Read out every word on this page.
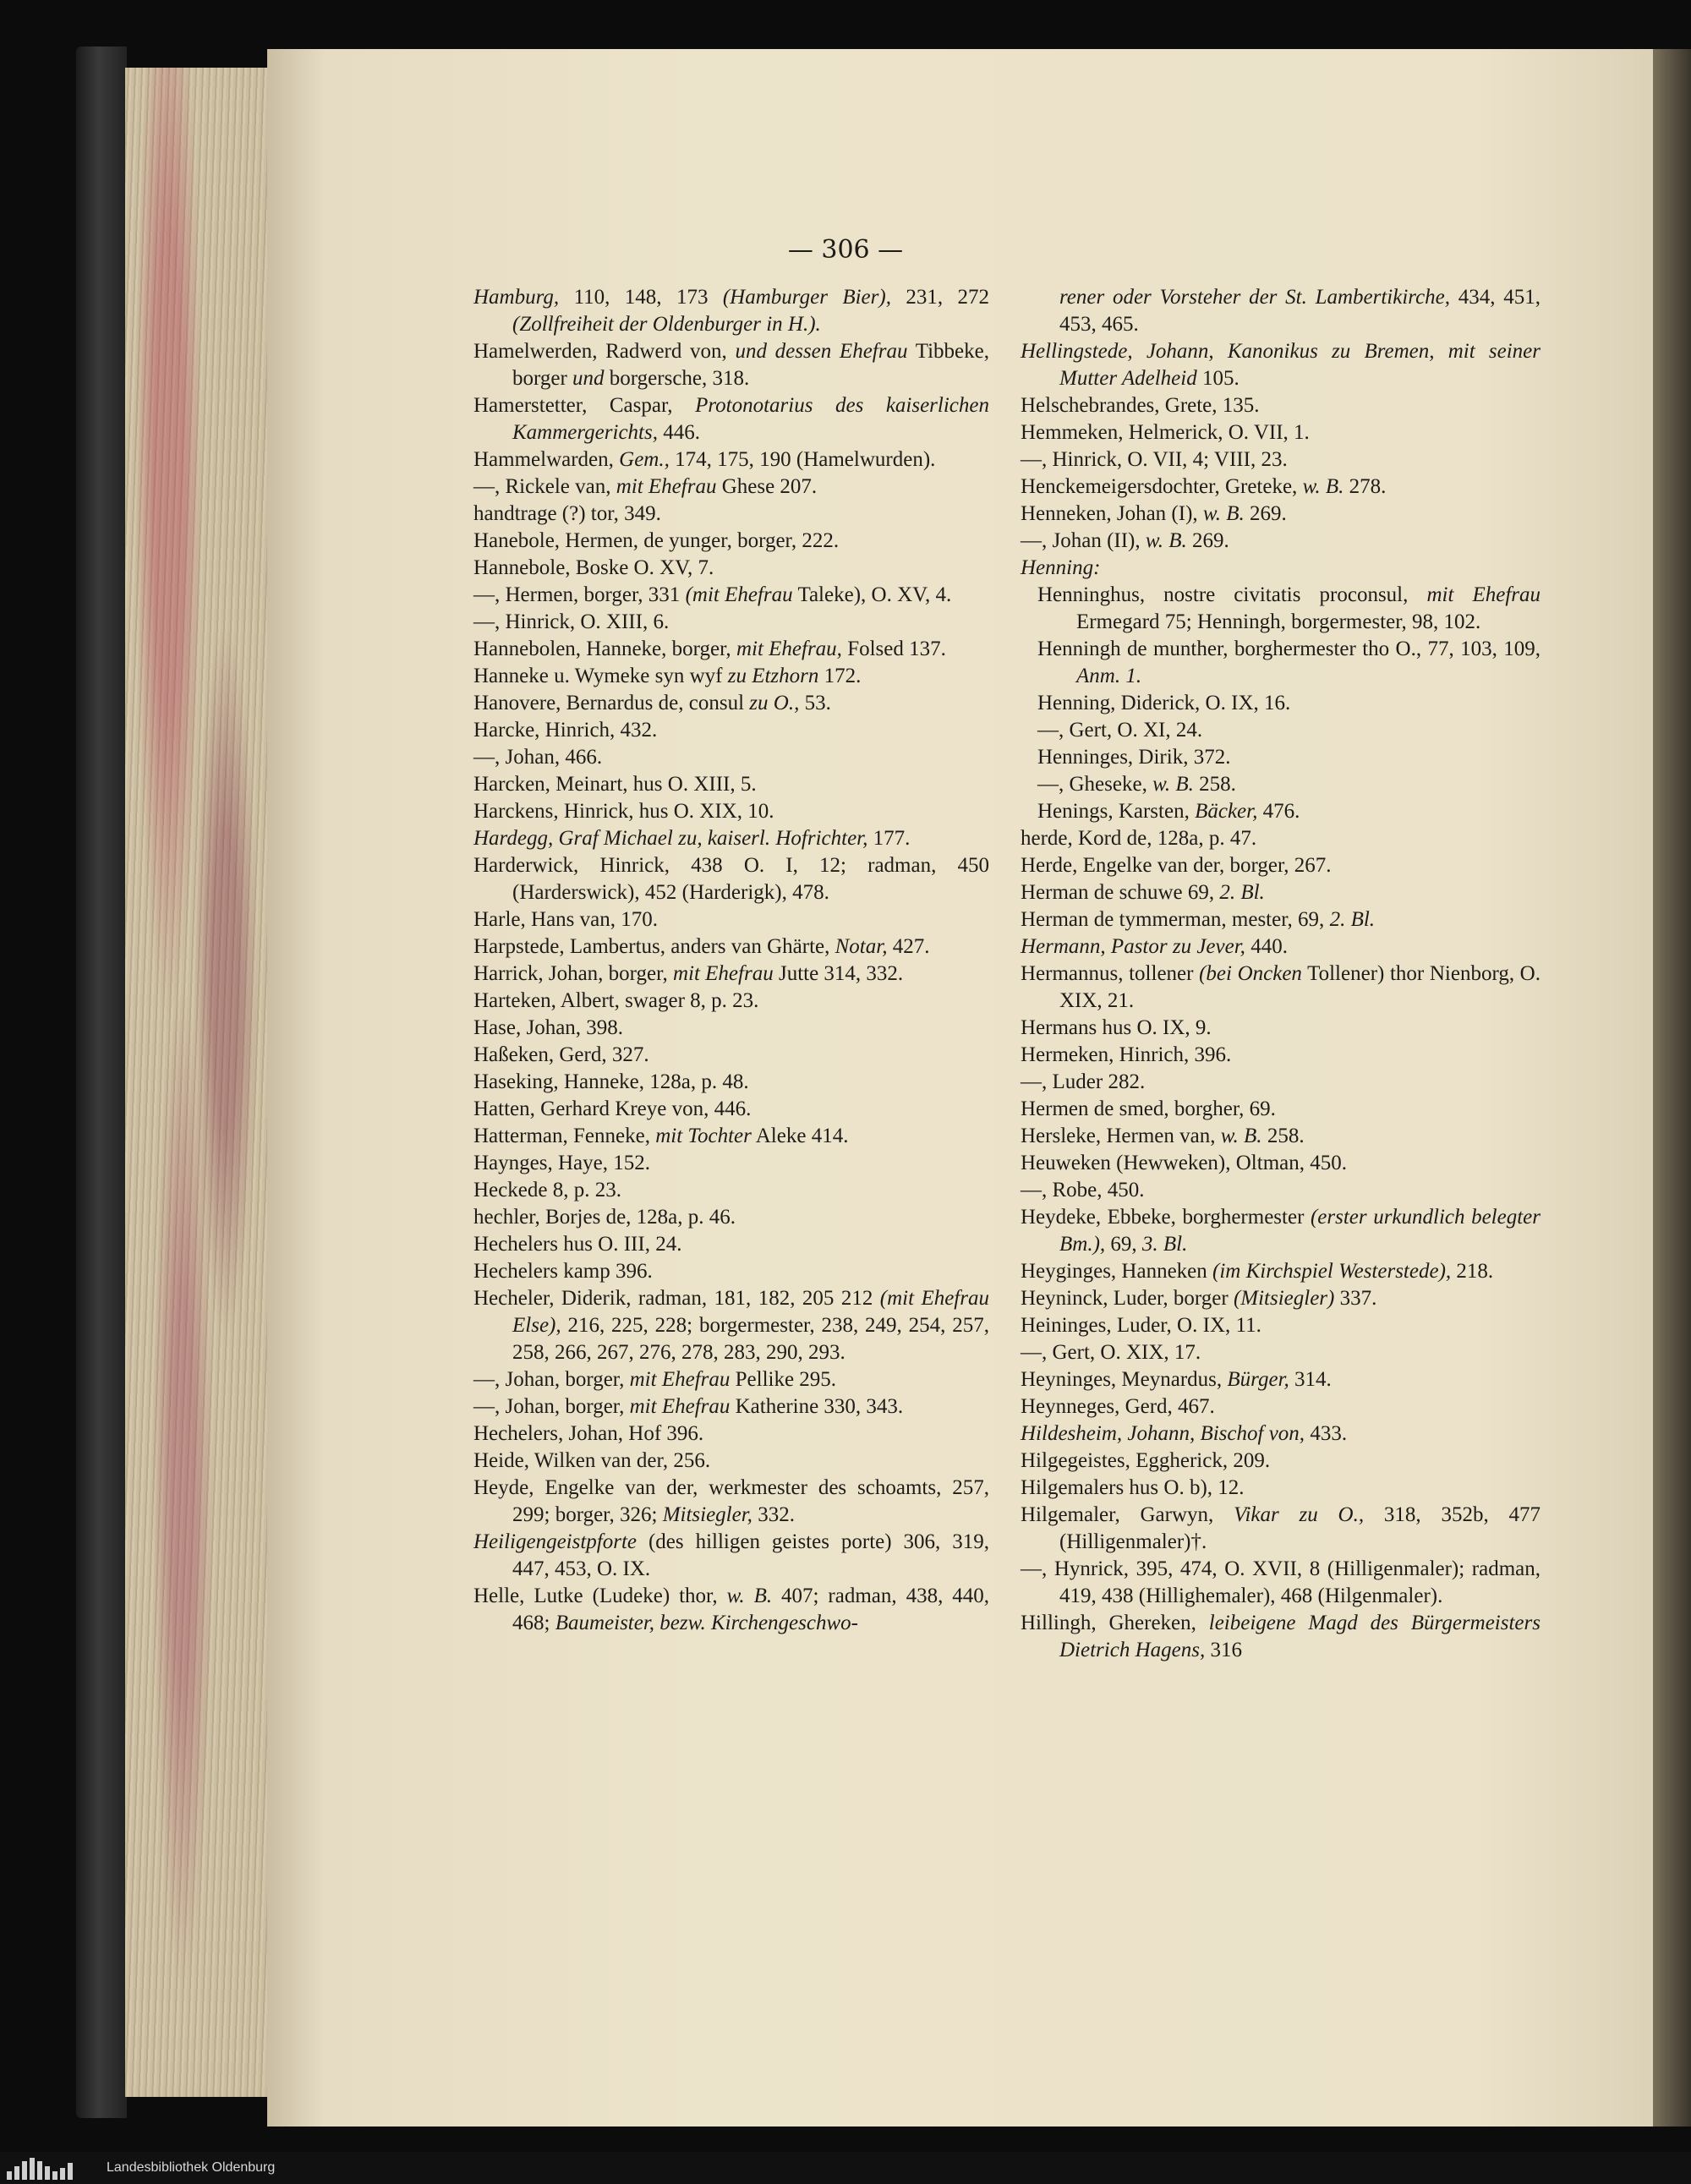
— 306 —

Hamburg, 110, 148, 173 (Hamburger Bier), 231, 272 (Zollfreiheit der Oldenburger in H.).

Hamelwerden, Radwerd von, und dessen Ehefrau Tibbeke, borger und borgersche, 318.

Hamerstetter, Caspar, Protonotarius des kaiserlichen Kammergerichts, 446.

Hammelwarden, Gem., 174, 175, 190 (Hamelwurden).

—, Rickele van, mit Ehefrau Ghese 207.

handtrage (?) tor, 349.

Hanebole, Hermen, de yunger, borger, 222.

Hannebole, Boske O. XV, 7.

—, Hermen, borger, 331 (mit Ehefrau Taleke), O. XV, 4.

—, Hinrick, O. XIII, 6.

Hannebolen, Hanneke, borger, mit Ehefrau, Folsed 137.

Hanneke u. Wymeke syn wyf zu Etzhorn 172.

Hanovere, Bernardus de, consul zu O., 53.

Harcke, Hinrich, 432.

—, Johan, 466.

Harcken, Meinart, hus O. XIII, 5.

Harckens, Hinrick, hus O. XIX, 10.

Hardegg, Graf Michael zu, kaiserl. Hofrichter, 177.

Harderwick, Hinrick, 438 O. I, 12; radman, 450 (Harderswick), 452 (Harderigk), 478.

Harle, Hans van, 170.

Harpstede, Lambertus, anders van Ghärte, Notar, 427.

Harrick, Johan, borger, mit Ehefrau Jutte 314, 332.

Harteken, Albert, swager 8, p. 23.

Hase, Johan, 398.

Haßeken, Gerd, 327.

Haseking, Hanneke, 128a, p. 48.

Hatten, Gerhard Kreye von, 446.

Hatterman, Fenneke, mit Tochter Aleke 414.

Haynges, Haye, 152.

Heckede 8, p. 23.

hechler, Borjes de, 128a, p. 46.

Hechelers hus O. III, 24.

Hechelers kamp 396.

Hecheler, Diderik, radman, 181, 182, 205 212 (mit Ehefrau Else), 216, 225, 228; borgermester, 238, 249, 254, 257, 258, 266, 267, 276, 278, 283, 290, 293.

—, Johan, borger, mit Ehefrau Pellike 295.

—, Johan, borger, mit Ehefrau Katherine 330, 343.

Hechelers, Johan, Hof 396.

Heide, Wilken van der, 256.

Heyde, Engelke van der, werkmester des schoamts, 257, 299; borger, 326; Mitsiegler, 332.

Heiligengeistpforte (des hilligen geistes porte) 306, 319, 447, 453, O. IX.

Helle, Lutke (Ludeke) thor, w. B. 407; radman, 438, 440, 468; Baumeister, bezw. Kirchengeschwo-

rener oder Vorsteher der St. Lambertikirche, 434, 451, 453, 465.

Hellingstede, Johann, Kanonikus zu Bremen, mit seiner Mutter Adelheid 105.

Helschebrandes, Grete, 135.

Hemmeken, Helmerick, O. VII, 1.

—, Hinrick, O. VII, 4; VIII, 23.

Henckemeigersdochter, Greteke, w. B. 278.

Henneken, Johan (I), w. B. 269.

—, Johan (II), w. B. 269.

Henning:

Henninghus, nostre civitatis proconsul, mit Ehefrau Ermegard 75; Henningh, borgermester, 98, 102.

Henningh de munther, borghermester tho O., 77, 103, 109, Anm. 1.

Henning, Diderick, O. IX, 16.

—, Gert, O. XI, 24.

Henninges, Dirik, 372.

—, Gheseke, w. B. 258.

Henings, Karsten, Bäcker, 476.

herde, Kord de, 128a, p. 47.

Herde, Engelke van der, borger, 267.

Herman de schuwe 69, 2. Bl.

Herman de tymmerman, mester, 69, 2. Bl.

Hermann, Pastor zu Jever, 440.

Hermannus, tollener (bei Oncken Tollener) thor Nienborg, O. XIX, 21.

Hermans hus O. IX, 9.

Hermeken, Hinrich, 396.

—, Luder 282.

Hermen de smed, borgher, 69.

Hersleke, Hermen van, w. B. 258.

Heuweken (Hewweken), Oltman, 450.

—, Robe, 450.

Heydeke, Ebbeke, borghermester (erster urkundlich belegter Bm.), 69, 3. Bl.

Heyginges, Hanneken (im Kirchspiel Westerstede), 218.

Heyninck, Luder, borger (Mitsiegler) 337.

Heininges, Luder, O. IX, 11.

—, Gert, O. XIX, 17.

Heyninges, Meynardus, Bürger, 314.

Heynneges, Gerd, 467.

Hildesheim, Johann, Bischof von, 433.

Hilgegeistes, Eggherick, 209.

Hilgemalers hus O. b), 12.

Hilgemaler, Garwyn, Vikar zu O., 318, 352b, 477 (Hilligenmaler)†.

—, Hynrick, 395, 474, O. XVII, 8 (Hilligenmaler); radman, 419, 438 (Hillighemaler), 468 (Hilgenmaler).

Hillingh, Ghereken, leibeigene Magd des Bürgermeisters Dietrich Hagens, 316

Landesbibliothek Oldenburg
